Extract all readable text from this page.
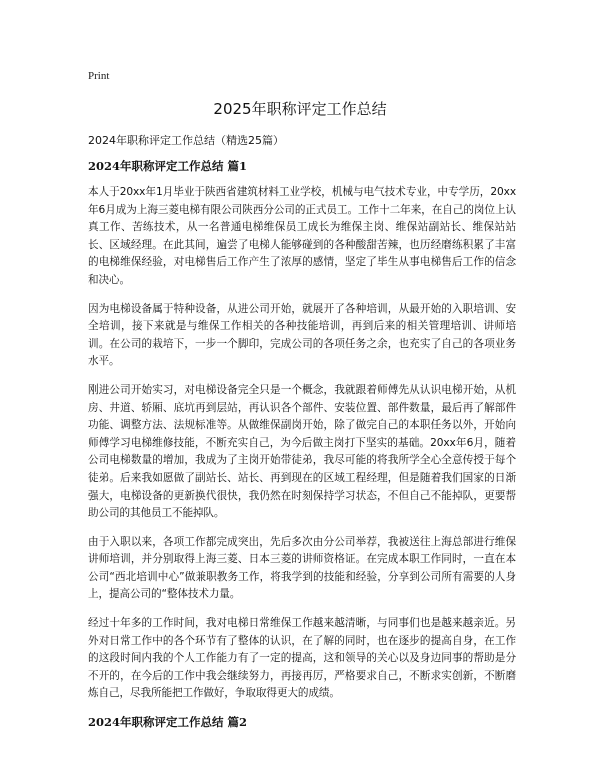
Print
2025年职称评定工作总结

2024年职称评定工作总结（精选25篇）

2024年职称评定工作总结 篇1

本人于20xx年1月毕业于陕西省建筑材料工业学校，机械与电气技术专业，中专学历，20xx年6月成为上海三菱电梯有限公司陕西分公司的正式员工。工作十二年来，在自己的岗位上认真工作、苦练技术，从一名普通电梯维保员工成长为维保主岗、维保站副站长、维保站站长、区域经理。在此其间，遍尝了电梯人能够碰到的各种酸甜苦辣，也历经磨练积累了丰富的电梯维保经验，对电梯售后工作产生了浓厚的感情，坚定了毕生从事电梯售后工作的信念和决心。

因为电梯设备属于特种设备，从进公司开始，就展开了各种培训，从最开始的入职培训、安全培训，接下来就是与维保工作相关的各种技能培训，再到后来的相关管理培训、讲师培训。在公司的栽培下，一步一个脚印，完成公司的各项任务之余，也充实了自己的各项业务水平。

刚进公司开始实习，对电梯设备完全只是一个概念，我就跟着师傅先从认识电梯开始，从机房、井道、轿厢、底坑再到层站，再认识各个部件、安装位置、部件数量，最后再了解部件功能、调整方法、法规标准等。从做维保副岗开始，除了做完自己的本职任务以外，开始向师傅学习电梯维修技能，不断充实自己，为今后做主岗打下坚实的基础。20xx年6月，随着公司电梯数量的增加，我成为了主岗开始带徒弟，我尽可能的将我所学全心全意传授于每个徒弟。后来我如愿做了副站长、站长、再到现在的区域工程经理，但是随着我们国家的日渐强大，电梯设备的更新换代很快，我仍然在时刻保持学习状态，不但自己不能掉队，更要帮助公司的其他员工不能掉队。

由于入职以来，各项工作都完成突出，先后多次由分公司举荐，我被送往上海总部进行维保讲师培训，并分别取得上海三菱、日本三菱的讲师资格证。在完成本职工作同时，一直在本公司“西北培训中心”做兼职教务工作，将我学到的技能和经验，分享到公司所有需要的人身上，提高公司的“整体技术力量。

经过十年多的工作时间，我对电梯日常维保工作越来越清晰，与同事们也是越来越亲近。另外对日常工作中的各个环节有了整体的认识，在了解的同时，也在逐步的提高自身，在工作的这段时间内我的个人工作能力有了一定的提高，这和领导的关心以及身边同事的帮助是分不开的，在今后的工作中我会继续努力，再接再厉，严格要求自己，不断求实创新，不断磨炼自己，尽我所能把工作做好，争取取得更大的成绩。

2024年职称评定工作总结 篇2
